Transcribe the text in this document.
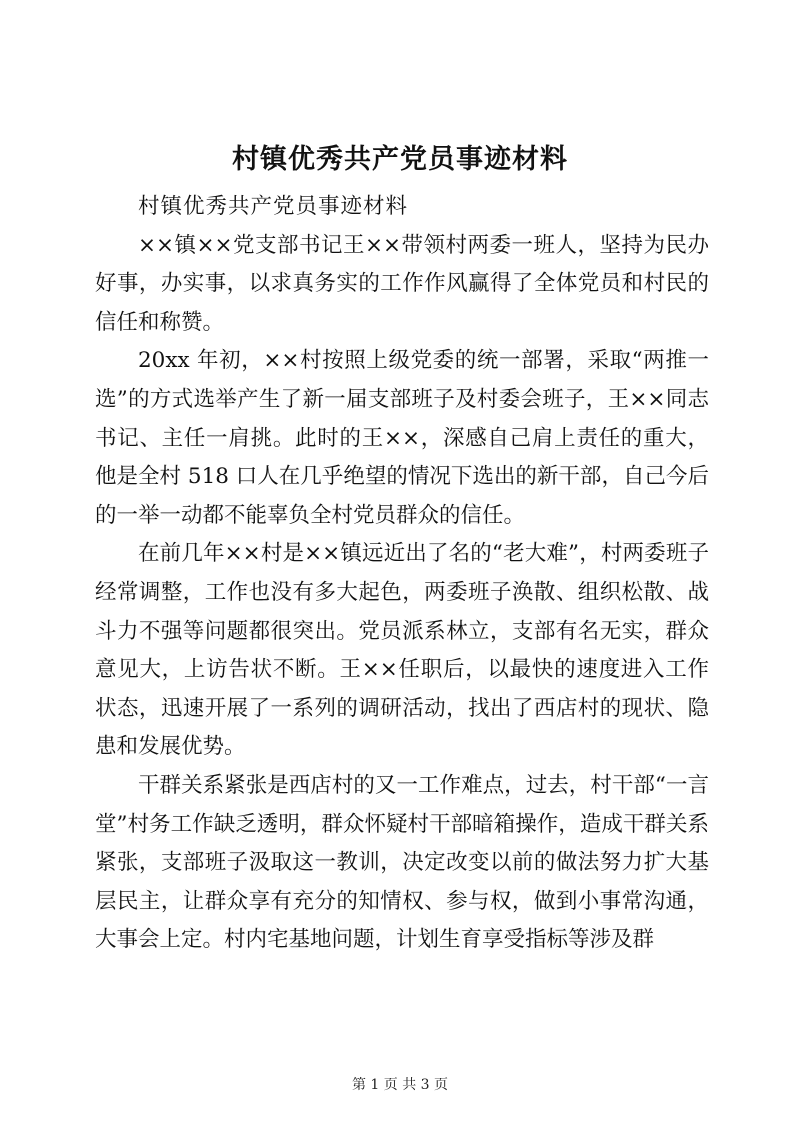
村镇优秀共产党员事迹材料

村镇优秀共产党员事迹材料

××镇××党支部书记王××带领村两委一班人，坚持为民办好事，办实事，以求真务实的工作作风赢得了全体党员和村民的信任和称赞。

20xx 年初，××村按照上级党委的统一部署，采取“两推一选”的方式选举产生了新一届支部班子及村委会班子，王××同志书记、主任一肩挑。此时的王××，深感自己肩上责任的重大，他是全村 518 口人在几乎绝望的情况下选出的新干部，自己今后的一举一动都不能辜负全村党员群众的信任。

在前几年××村是××镇远近出了名的“老大难”，村两委班子经常调整，工作也没有多大起色，两委班子涣散、组织松散、战斗力不强等问题都很突出。党员派系林立，支部有名无实，群众意见大，上访告状不断。王××任职后，以最快的速度进入工作状态，迅速开展了一系列的调研活动，找出了西店村的现状、隐患和发展优势。

干群关系紧张是西店村的又一工作难点，过去，村干部“一言堂”村务工作缺乏透明，群众怀疑村干部暗箱操作，造成干群关系紧张，支部班子汲取这一教训，决定改变以前的做法努力扩大基层民主，让群众享有充分的知情权、参与权，做到小事常沟通，大事会上定。村内宅基地问题，计划生育享受指标等涉及群

第 1 页 共 3 页
